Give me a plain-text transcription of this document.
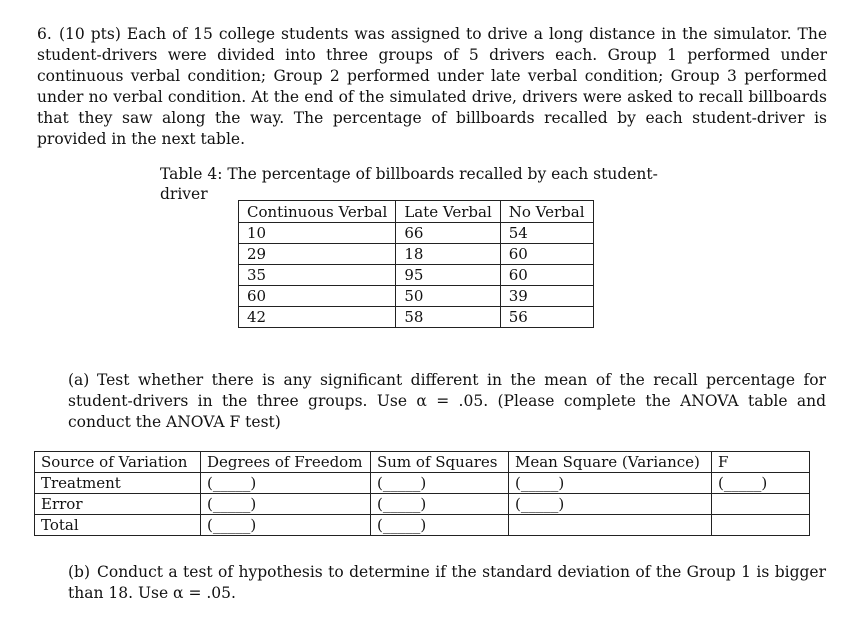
6. (10 pts) Each of 15 college students was assigned to drive a long distance in the simulator. The student-drivers were divided into three groups of 5 drivers each. Group 1 performed under continuous verbal condition; Group 2 performed under late verbal condition; Group 3 performed under no verbal condition. At the end of the simulated drive, drivers were asked to recall billboards that they saw along the way. The percentage of billboards recalled by each student-driver is provided in the next table.
Table 4: The percentage of billboards recalled by each student-driver
Continuous Verbal	Late Verbal	No Verbal
10	66	54
29	18	60
35	95	60
60	50	39
42	58	56
(a) Test whether there is any significant different in the mean of the recall percentage for student-drivers in the three groups. Use α = .05. (Please complete the ANOVA table and conduct the ANOVA F test)
Source of Variation	Degrees of Freedom	Sum of Squares	Mean Square (Variance)	F
Treatment	(_____)	(_____)	(_____)	(_____)
Error	(_____)	(_____)	(_____)	
Total	(_____)	(_____)		
(b) Conduct a test of hypothesis to determine if the standard deviation of the Group 1 is bigger than 18. Use α = .05.
